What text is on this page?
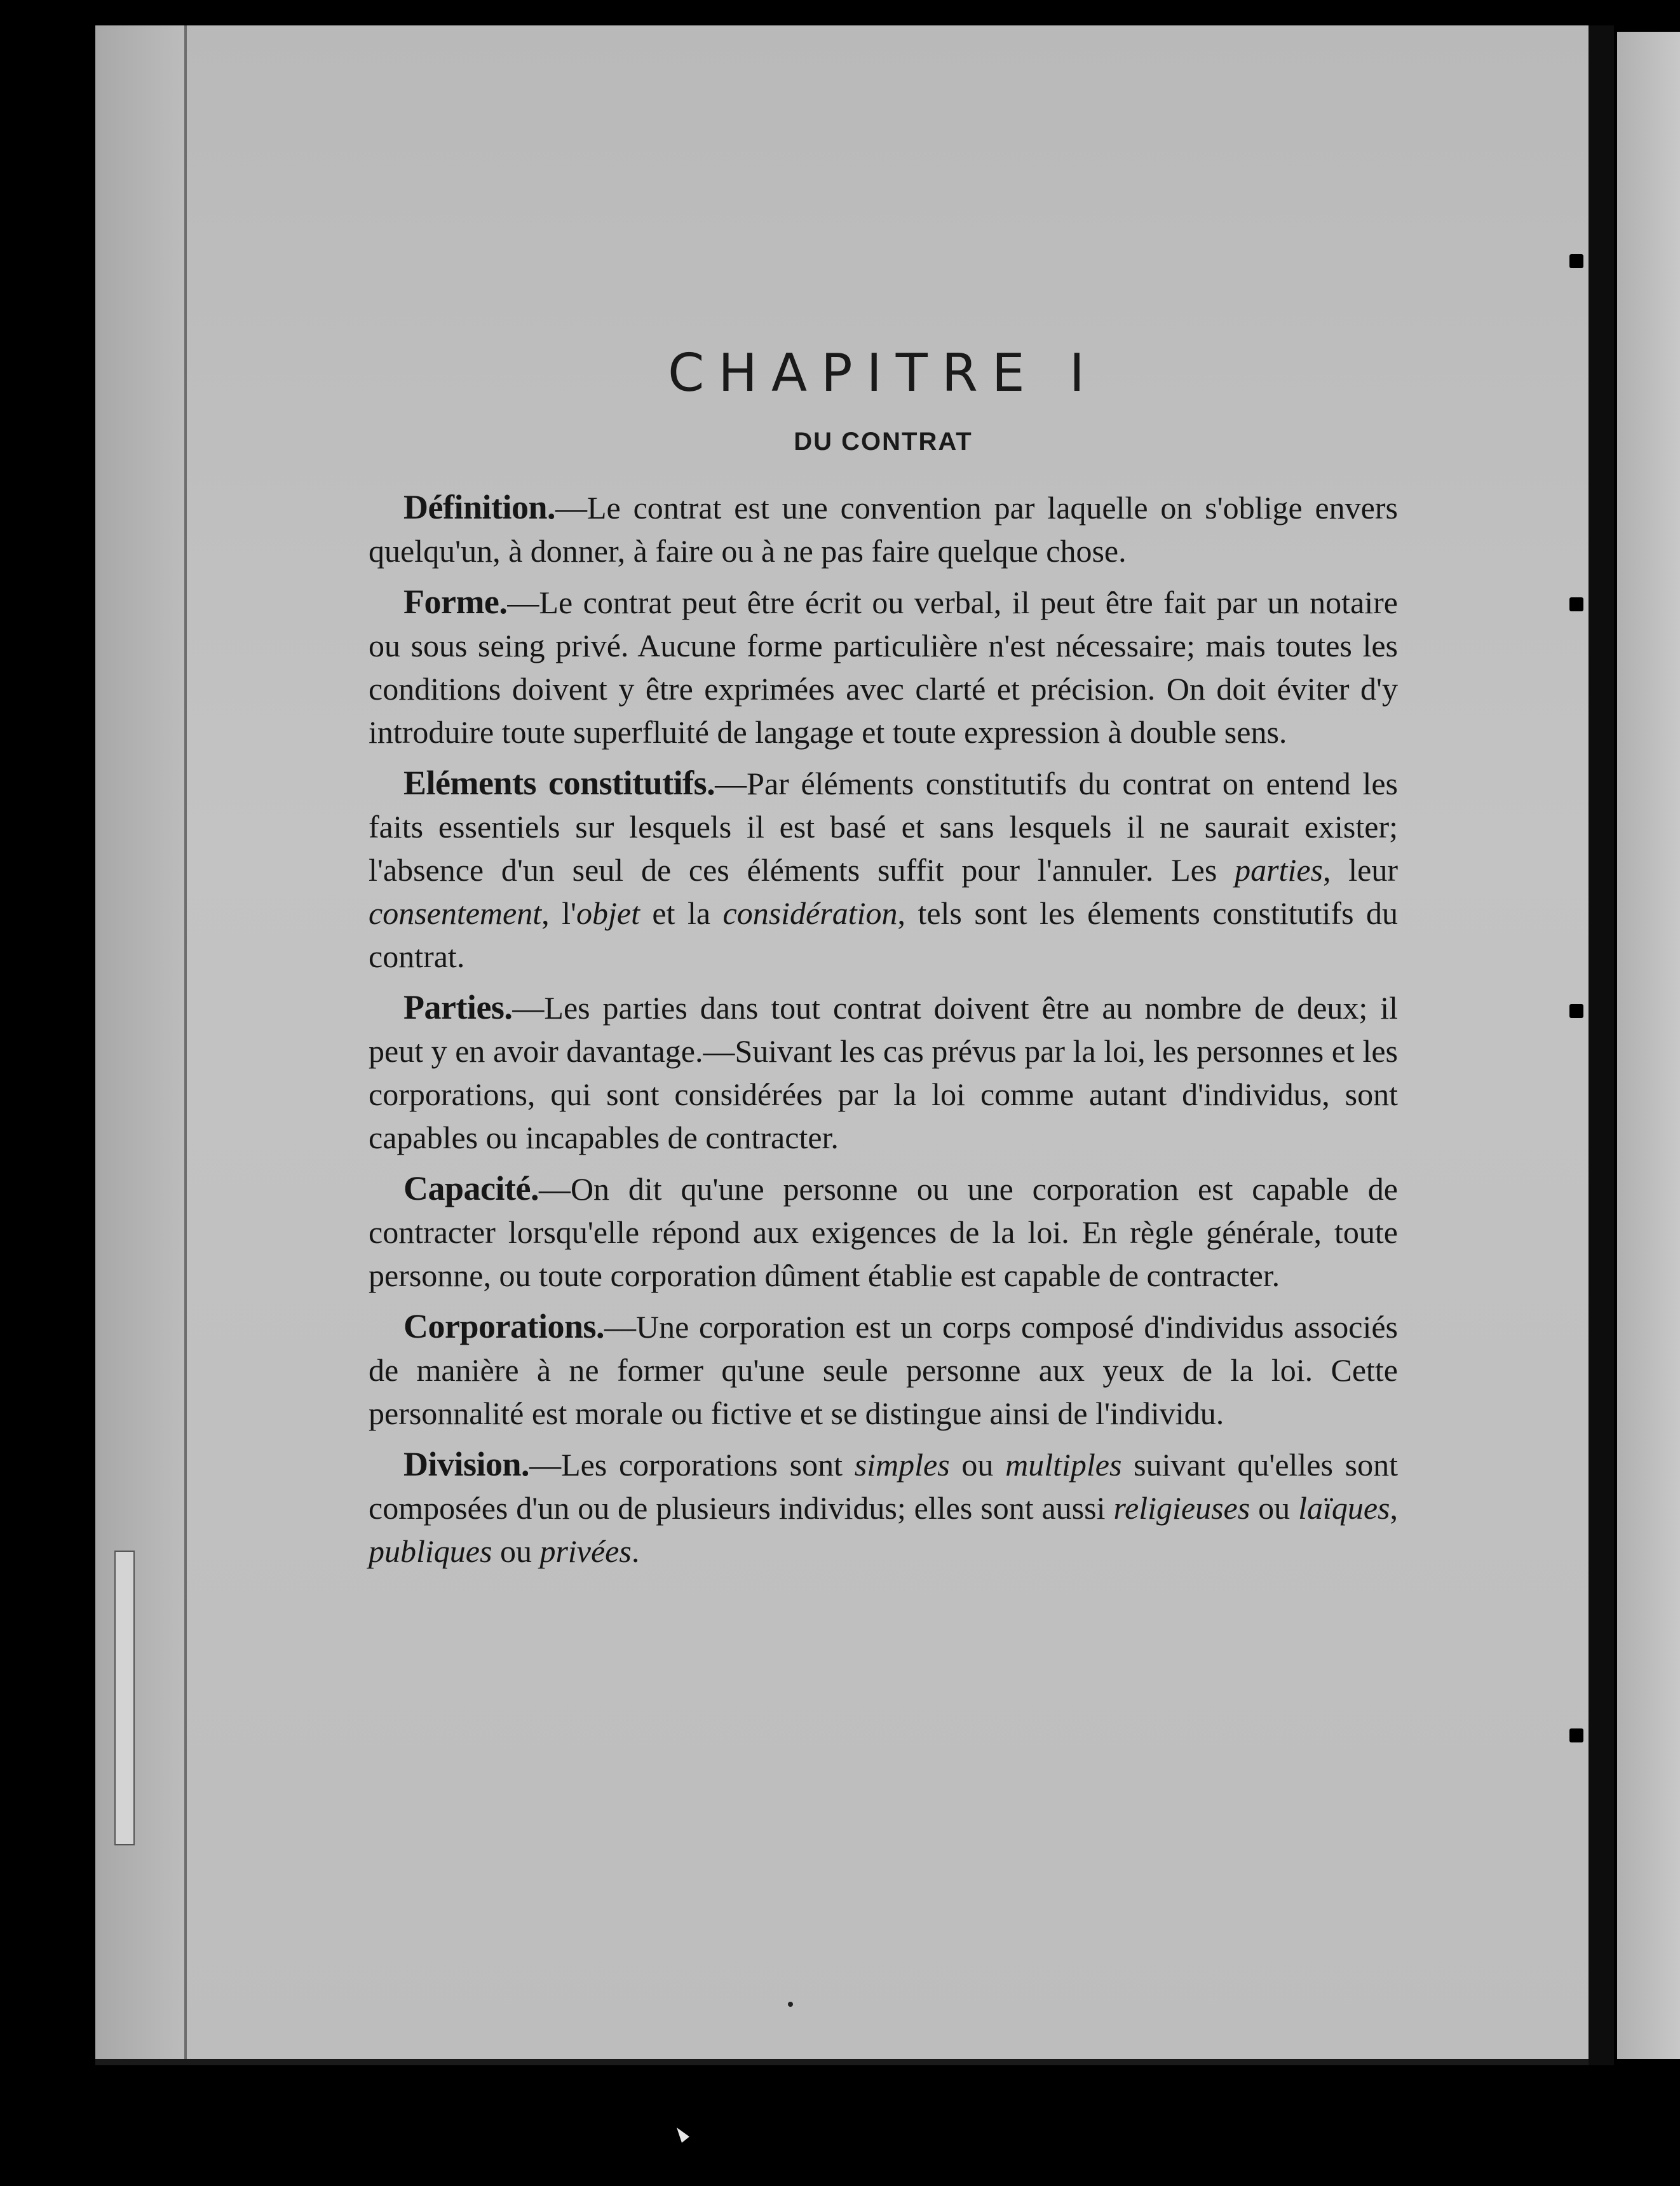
CHAPITRE I
DU CONTRAT

Définition.—Le contrat est une convention par laquelle on s'oblige envers quelqu'un, à donner, à faire ou à ne pas faire quelque chose.

Forme.—Le contrat peut être écrit ou verbal, il peut être fait par un notaire ou sous seing privé. Aucune forme particulière n'est nécessaire; mais toutes les conditions doivent y être exprimées avec clarté et précision. On doit éviter d'y introduire toute superfluité de langage et toute expression à double sens.

Eléments constitutifs.—Par éléments constitutifs du contrat on entend les faits essentiels sur lesquels il est basé et sans lesquels il ne saurait exister; l'absence d'un seul de ces éléments suffit pour l'annuler. Les parties, leur consentement, l'objet et la considération, tels sont les élements constitutifs du contrat.

Parties.—Les parties dans tout contrat doivent être au nombre de deux; il peut y en avoir davantage.—Suivant les cas prévus par la loi, les personnes et les corporations, qui sont considérées par la loi comme autant d'individus, sont capables ou incapables de contracter.

Capacité.—On dit qu'une personne ou une corporation est capable de contracter lorsqu'elle répond aux exigences de la loi. En règle générale, toute personne, ou toute corporation dûment établie est capable de contracter.

Corporations.—Une corporation est un corps composé d'individus associés de manière à ne former qu'une seule personne aux yeux de la loi. Cette personnalité est morale ou fictive et se distingue ainsi de l'individu.

Division.—Les corporations sont simples ou multiples suivant qu'elles sont composées d'un ou de plusieurs individus; elles sont aussi religieuses ou laïques, publiques ou privées.
